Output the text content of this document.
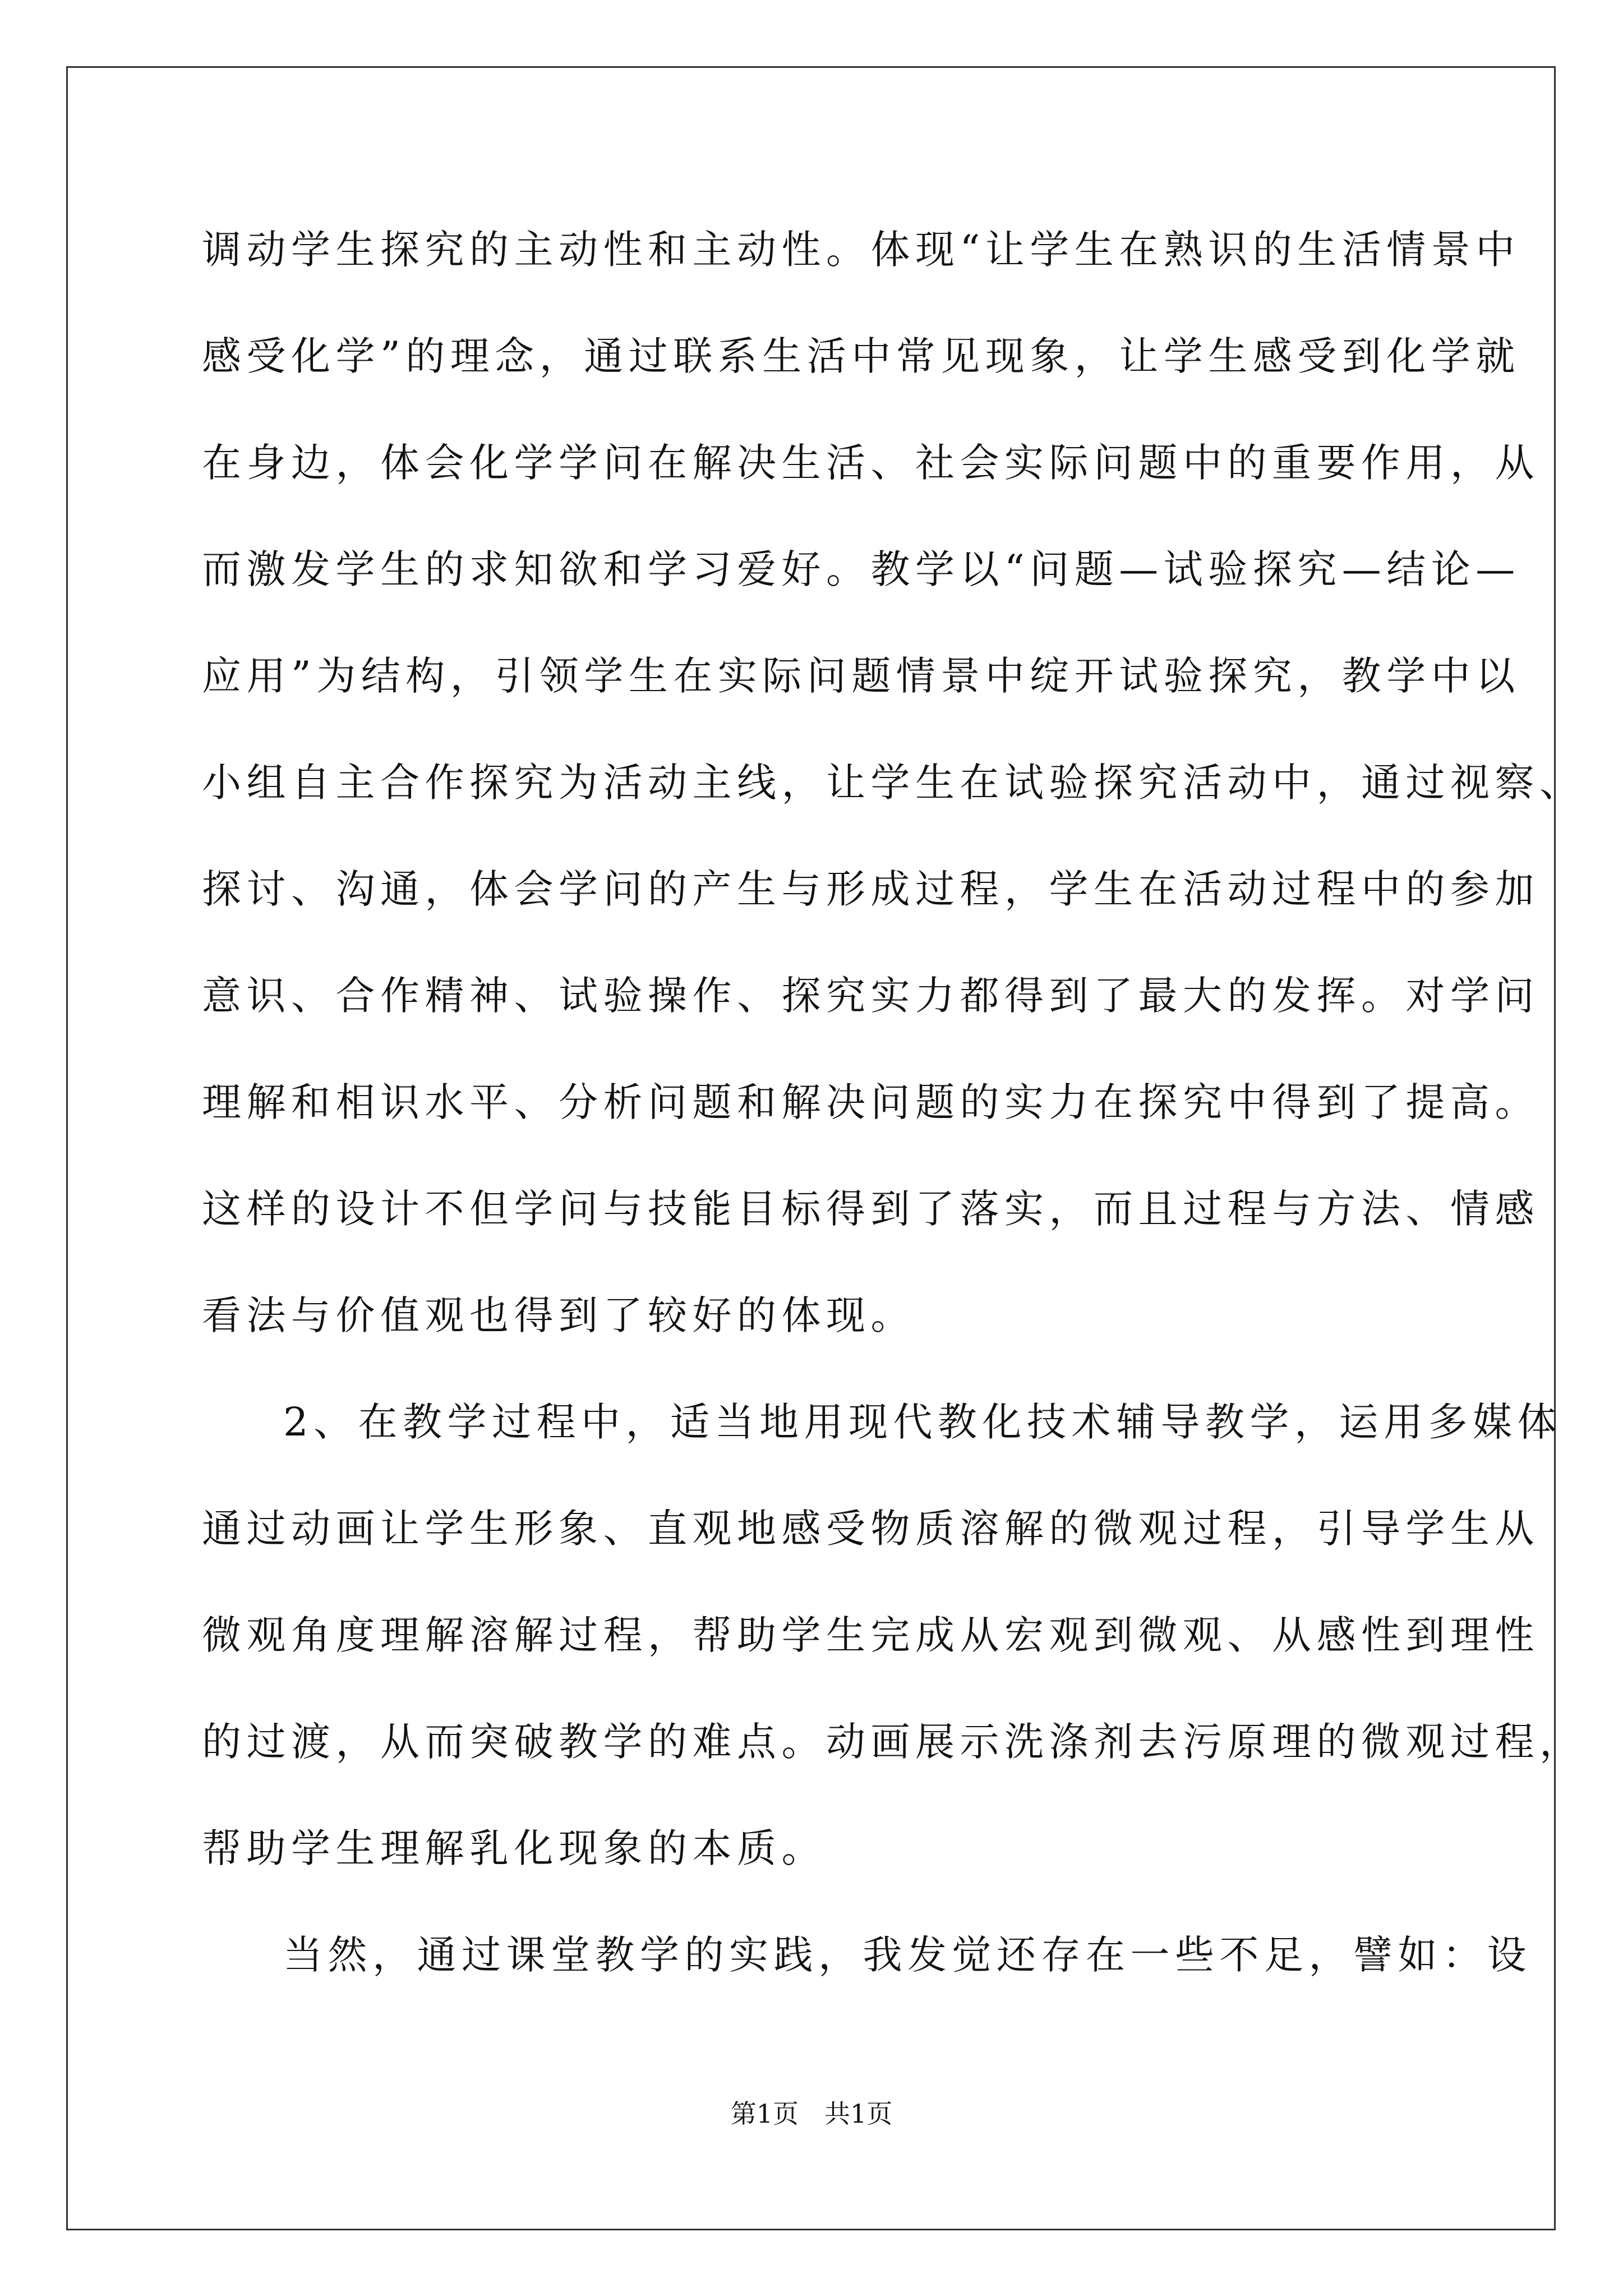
调动学生探究的主动性和主动性。体现“让学生在熟识的生活情景中
感受化学”的理念，通过联系生活中常见现象，让学生感受到化学就
在身边，体会化学学问在解决生活、社会实际问题中的重要作用，从
而激发学生的求知欲和学习爱好。教学以“问题—试验探究—结论—
应用”为结构，引领学生在实际问题情景中绽开试验探究，教学中以
小组自主合作探究为活动主线，让学生在试验探究活动中，通过视察、
探讨、沟通，体会学问的产生与形成过程，学生在活动过程中的参加
意识、合作精神、试验操作、探究实力都得到了最大的发挥。对学问
理解和相识水平、分析问题和解决问题的实力在探究中得到了提高。
这样的设计不但学问与技能目标得到了落实，而且过程与方法、情感
看法与价值观也得到了较好的体现。
2、在教学过程中，适当地用现代教化技术辅导教学，运用多媒体
通过动画让学生形象、直观地感受物质溶解的微观过程，引导学生从
微观角度理解溶解过程，帮助学生完成从宏观到微观、从感性到理性
的过渡，从而突破教学的难点。动画展示洗涤剂去污原理的微观过程，
帮助学生理解乳化现象的本质。
当然，通过课堂教学的实践，我发觉还存在一些不足，譬如：设
第1页　共1页
